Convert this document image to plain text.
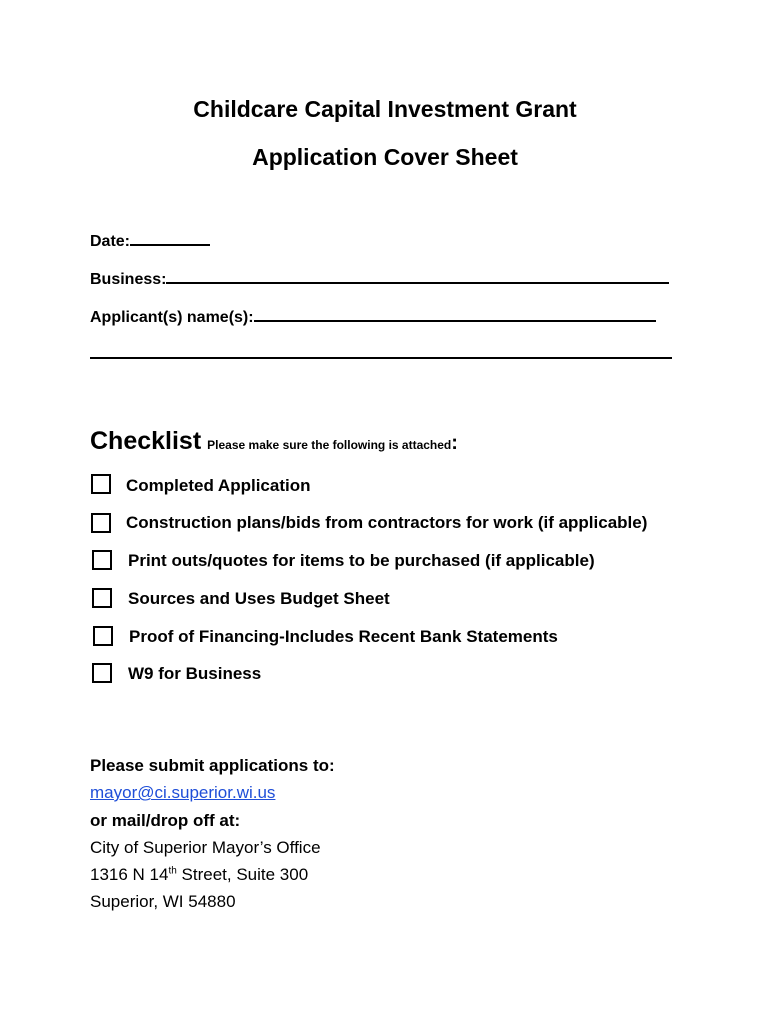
Childcare Capital Investment Grant
Application Cover Sheet
Date:
Business:
Applicant(s) name(s):
Checklist Please make sure the following is attached:
Completed Application
Construction plans/bids from contractors for work (if applicable)
Print outs/quotes for items to be purchased (if applicable)
Sources and Uses Budget Sheet
Proof of Financing-Includes Recent Bank Statements
W9 for Business
Please submit applications to:
mayor@ci.superior.wi.us
or mail/drop off at:
City of Superior Mayor’s Office
1316 N 14th Street, Suite 300
Superior, WI 54880
